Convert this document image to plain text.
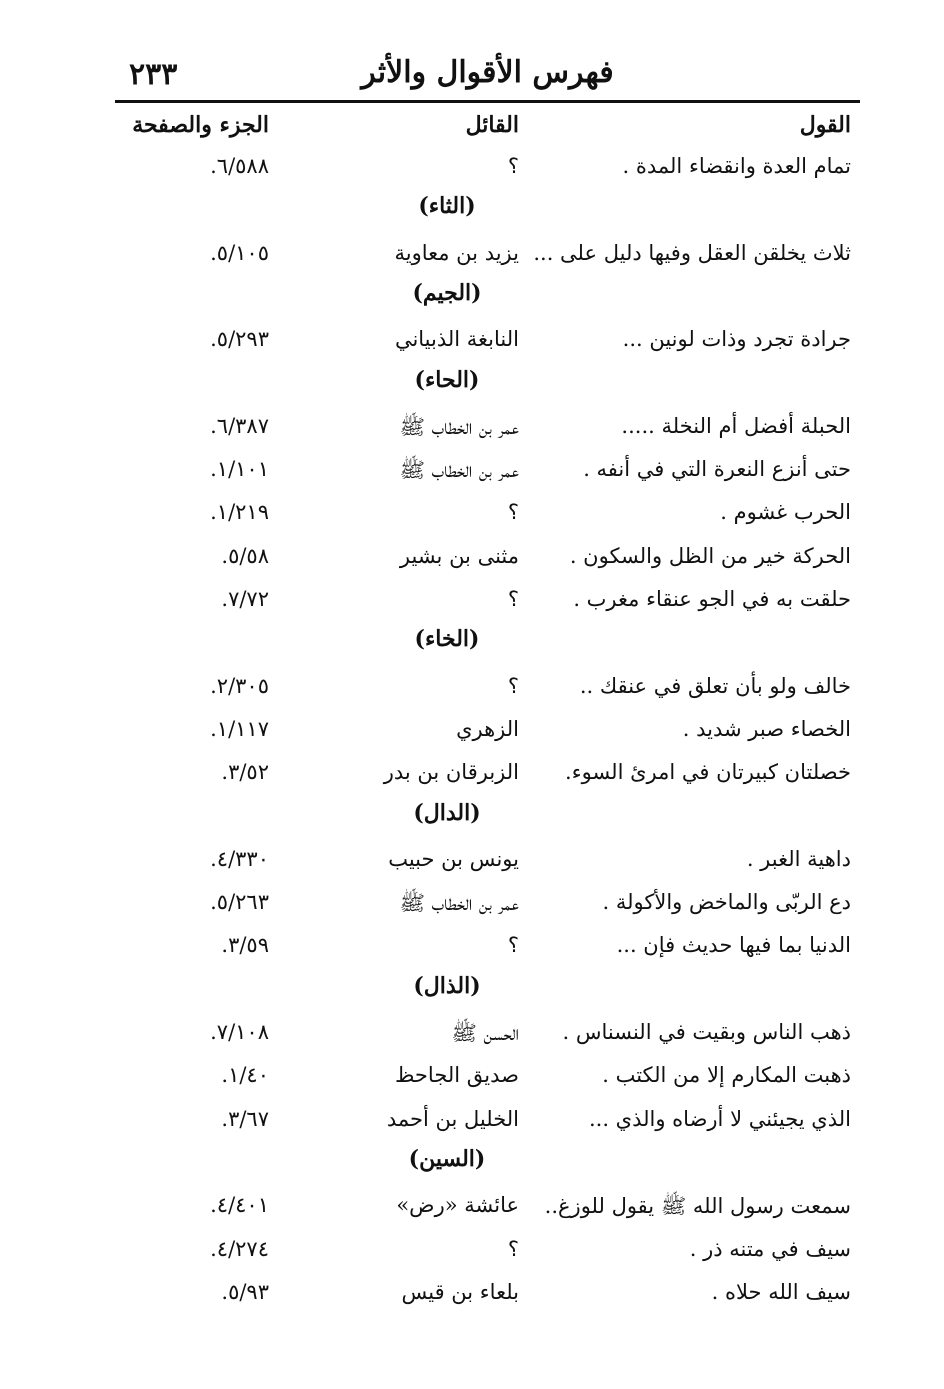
٢٣٣	فهرس الأقوال والأثر
القول
القائل
الجزء والصفحة
تمام العدة وانقضاء المدة .
؟
٦/٥٨٨.
(الثاء)
ثلاث يخلقن العقل وفيها دليل على ...
يزيد بن معاوية
٥/١٠٥.
(الجيم)
جرادة تجرد وذات لونين ...
النابغة الذبياني
٥/٢٩٣.
(الحاء)
الحبلة أفضل أم النخلة .....
عمر بن الخطاب ﷺ
٦/٣٨٧.
حتى أنزع النعرة التي في أنفه .
عمر بن الخطاب ﷺ
١/١٠١.
الحرب غشوم .
؟
١/٢١٩.
الحركة خير من الظل والسكون .
مثنى بن بشير
٥/٥٨.
حلقت به في الجو عنقاء مغرب .
؟
٧/٧٢.
(الخاء)
خالف ولو بأن تعلق في عنقك ..
؟
٢/٣٠٥.
الخصاء صبر شديد .
الزهري
١/١١٧.
خصلتان كبيرتان في امرئ السوء.
الزبرقان بن بدر
٣/٥٢.
(الدال)
داهية الغبر .
يونس بن حبيب
٤/٣٣٠.
دع الربّى والماخض والأكولة .
عمر بن الخطاب ﷺ
٥/٢٦٣.
الدنيا بما فيها حديث فإن ...
؟
٣/٥٩.
(الذال)
ذهب الناس وبقيت في النسناس .
الحسن ﷺ
٧/١٠٨.
ذهبت المكارم إلا من الكتب .
صديق الجاحظ
١/٤٠.
الذي يجيئني لا أرضاه والذي ...
الخليل بن أحمد
٣/٦٧.
(السين)
سمعت رسول الله ﷺ يقول للوزغ..
عائشة «رض»
٤/٤٠١.
سيف في متنه ذر .
؟
٤/٢٧٤.
سيف الله حلاه .
بلعاء بن قيس
٥/٩٣.
